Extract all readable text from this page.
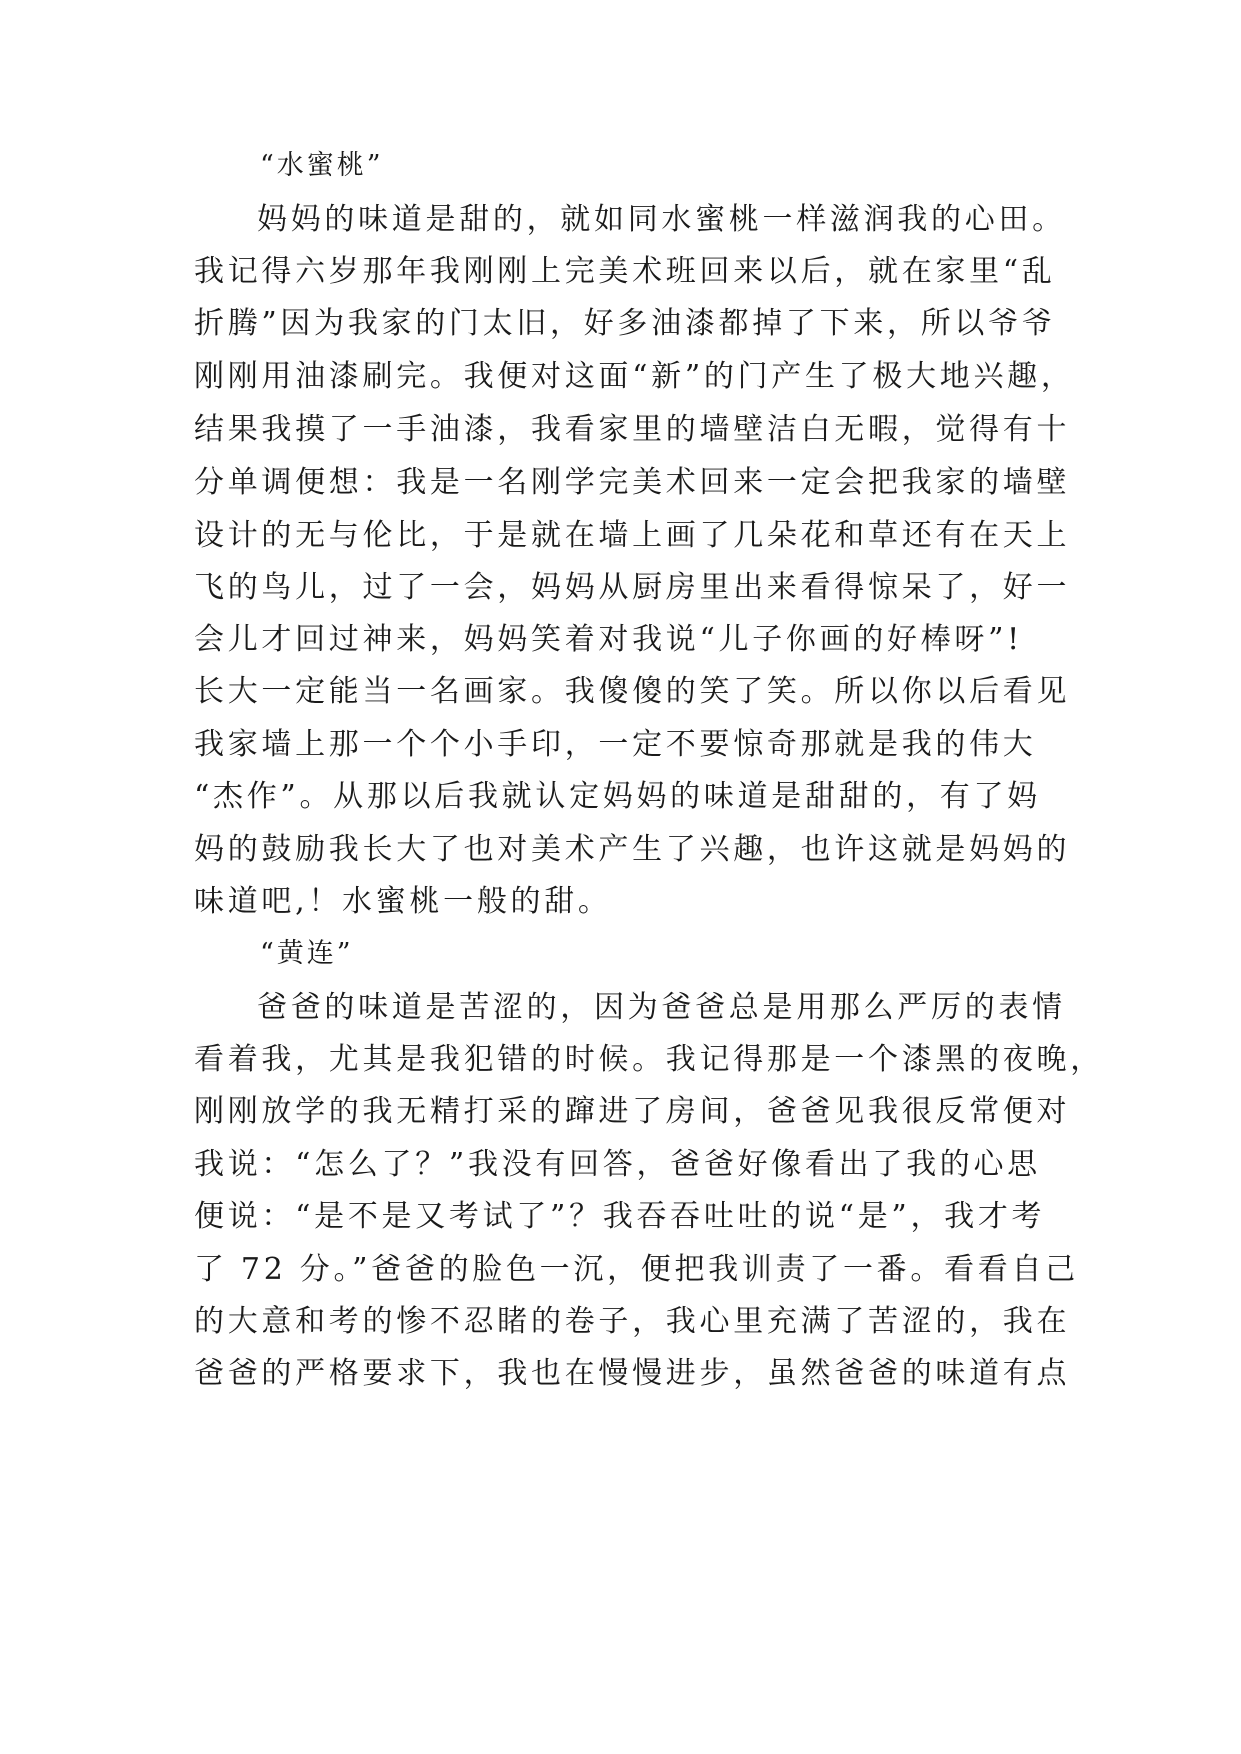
“水蜜桃”

妈妈的味道是甜的，就如同水蜜桃一样滋润我的心田。

我记得六岁那年我刚刚上完美术班回来以后，就在家里“乱

折腾”因为我家的门太旧，好多油漆都掉了下来，所以爷爷

刚刚用油漆刷完。我便对这面“新”的门产生了极大地兴趣，

结果我摸了一手油漆，我看家里的墙壁洁白无暇，觉得有十

分单调便想：我是一名刚学完美术回来一定会把我家的墙壁

设计的无与伦比，于是就在墙上画了几朵花和草还有在天上

飞的鸟儿，过了一会，妈妈从厨房里出来看得惊呆了，好一

会儿才回过神来，妈妈笑着对我说“儿子你画的好棒呀”!

长大一定能当一名画家。我傻傻的笑了笑。所以你以后看见

我家墙上那一个个小手印，一定不要惊奇那就是我的伟大

“杰作”。从那以后我就认定妈妈的味道是甜甜的，有了妈

妈的鼓励我长大了也对美术产生了兴趣，也许这就是妈妈的

味道吧,！水蜜桃一般的甜。

“黄连”

爸爸的味道是苦涩的，因为爸爸总是用那么严厉的表情

看着我，尤其是我犯错的时候。我记得那是一个漆黑的夜晚，

刚刚放学的我无精打采的蹿进了房间，爸爸见我很反常便对

我说：“怎么了？”我没有回答，爸爸好像看出了我的心思

便说：“是不是又考试了”？我吞吞吐吐的说“是”，我才考

了 72 分。”爸爸的脸色一沉，便把我训责了一番。看看自己

的大意和考的惨不忍睹的卷子，我心里充满了苦涩的，我在

爸爸的严格要求下，我也在慢慢进步，虽然爸爸的味道有点
